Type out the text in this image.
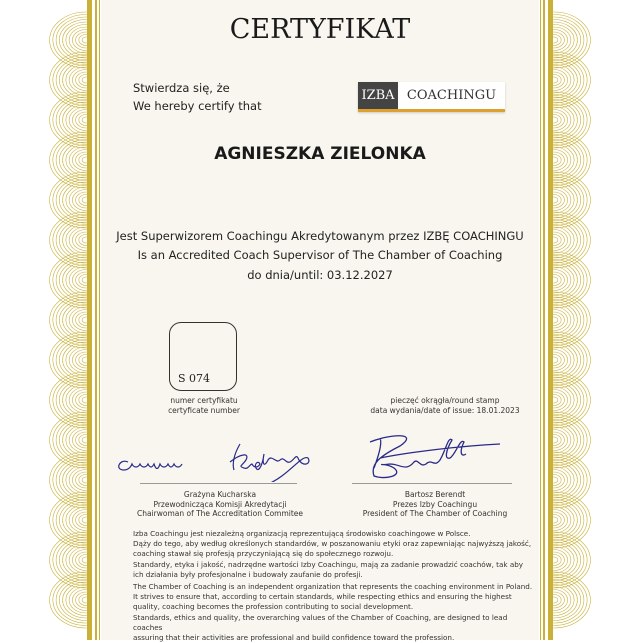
CERTYFIKAT
Stwierdza się, że
We hereby certify that
IZBA COACHINGU
AGNIESZKA ZIELONKA
Jest Superwizorem Coachingu Akredytowanym przez IZBĘ COACHINGU
Is an Accredited Coach Supervisor of The Chamber of Coaching
do dnia/until: 03.12.2027
S 074
numer certyfikatu
certyficate number
pieczęć okrągła/round stamp
data wydania/date of issue: 18.01.2023
Grażyna Kucharska
Przewodnicząca Komisji Akredytacji
Chairwoman of The Accreditation Commitee
Bartosz Berendt
Prezes Izby Coachingu
President of The Chamber of Coaching
Izba Coachingu jest niezależną organizacją reprezentującą środowisko coachingowe w Polsce.
Dąży do tego, aby według określonych standardów, w poszanowaniu etyki oraz zapewniając najwyższą jakość,
coaching stawał się profesją przyczyniającą się do społecznego rozwoju.
Standardy, etyka i jakość, nadrzędne wartości Izby Coachingu, mają za zadanie prowadzić coachów, tak aby
ich działania były profesjonalne i budowały zaufanie do profesji.
The Chamber of Coaching is an independent organization that represents the coaching environment in Poland.
It strives to ensure that, according to certain standards, while respecting ethics and ensuring the highest
quality, coaching becomes the profession contributing to social development.
Standards, ethics and quality, the overarching values of the Chamber of Coaching, are designed to lead coaches
assuring that their activities are professional and build confidence toward the profession.
